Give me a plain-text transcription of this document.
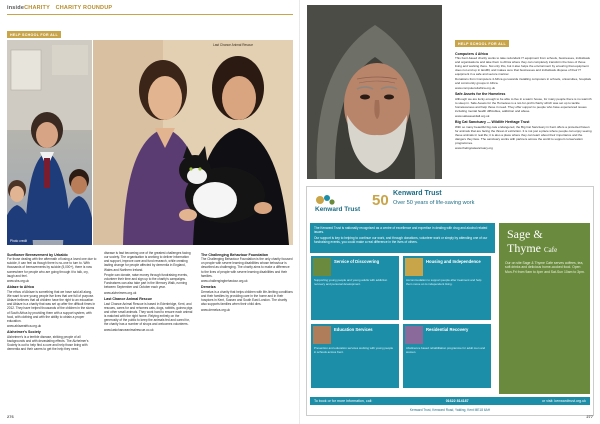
insideCHARITY CHARITY ROUNDUP
HELP SCHOOL FOR ALL
Photo credit
Last Chance Animal Rescue
Sunflower Bereavement by Urbaldo

For those dealing with the aftermath of losing a loved one due to suicide, it can feel as though there is no-one to turn to. With thousands of bereavements by suicide (5,000+), there is now somewhere for people who are going through it to talk, cry, laugh and feel.

www.sbs.org.uk

Ablaze to Africa

The ethos of Ablaze is something that we have said all along. We want to see young people live lives that are full of purpose. Ablaze believes that all children have the right to an education and Ablaze is a charity that was set up after the difficult times in 2012. They have helped thousands of the children in the slums of South Africa by providing them with a support system, with food, with clothing and with the ability to obtain a proper education.

www.ablazeafrica.org.uk

Alzheimer's Society

Alzheimer's is a terrible disease, striking people of all backgrounds and with devastating effects. The Alzheimer's Society is out to help find a cure and help those living with dementia and their carers to get the help they need.

disease is fast becoming one of the greatest challenges facing our society. The organisation is working to deliver information and support, improve care and fund research, while creating lasting change for people affected by dementia in England, Wales and Northern Ireland.

People can donate, raise money through fundraising events, volunteer their time and sign up to the charity's campaigns. Fundraisers can also take part in the Memory Walk, running between September and October each year.

www.alzheimers.org.uk

Last Chance Animal Rescue

Last Chance Animal Rescue is based in Edenbridge, Kent, and rescues, cares for and rehomes cats, dogs, rabbits, guinea pigs and other small animals. They work hard to ensure each animal is matched with the right home. Relying entirely on the generosity of the public to keep the animals fed and cared for, the charity has a number of shops and welcomes volunteers.

www.lastchanceanimalrescue.co.uk

The Challenging Behaviour Foundation

The Challenging Behaviour Foundation is the only charity focused on people with severe learning disabilities whose behaviour is described as challenging. The charity aims to make a difference to the lives of people with severe learning disabilities and their families.

www.challengingbehaviour.org.uk

Demelza

Demelza is a charity that helps children with life-limiting conditions and their families by providing care in the home and in their hospices in Kent, Sussex and South East London. The charity also supports families when their child dies.

www.demelza.org.uk

276
HELP SCHOOL FOR ALL
Computers 4 Africa

This Kent-based charity works to take redundant IT equipment from schools, businesses, individuals and organisations and take them to Africa where they can completely transform the lives of those living and working there. Not only this, but it also helps the environment by ensuring that equipment does not end up in landfill, and makes sure that businesses and individuals dispose of their IT equipment in a safe and secure manner.

Donations from Computers 4 Africa go towards installing computers in schools, universities, hospitals and community groups in Africa.

www.computers4africa.org.uk

Safe Assets for the Homeless

Although we are lucky enough to be able to live in a warm house, for many people there is no warmth to sleep in. Safe Assets for the Homeless is a not-for-profit charity which was set up to tackle homelessness and help those in need. They offer support to people who have experienced issues including mental health difficulties, addiction and abuse.

www.safeasset4all.org.uk

Big Cat Sanctuary — Wildlife Heritage Trust

With so many beautiful big cats endangered, the Big Cat Sanctuary in Kent offers a protected haven for animals that are facing the threat of extinction. It is not just a place where people can enjoy seeing these animals in real life; it is also a place where they can learn about their importance and the dangers they face. The sanctuary works with partners across the world to support conservation programmes.

www.thebigcatsanctuary.org

Kenward Trust
50 Kenward Trust
Over 50 years of life-saving work

The Kenward Trust is nationally recognised as a centre of excellence and expertise in dealing with drug and alcohol related issues.

Our support is key to helping to continue our work, and through donations, volunteer work or simply by attending one of our fundraising events, you could make a real difference in the lives of others.

Service of Discovering
Supporting young people and young adults with addiction recovery and personal development.
Housing and Independence
Accommodation to support people after treatment and help them move on to independent living.
Education Services
Prevention and education services working with young people in schools across Kent.
Residential Recovery
Abstinence based rehabilitation programme for adult men and women.
Sage &
Thyme Cafe
Our on site Sage & Thyme Cafe serves coffees, tea, soft drinks and delicious home-cooked food. Open Mon-Fri from 9am to 4pm and Sat-Sun 10am to 3pm.
To book or for more information, call:	01622 814187	or visit: kenwardtrust.org.uk
Kenward Trust, Kenward Road, Yalding, Kent ME18 6AH
277
